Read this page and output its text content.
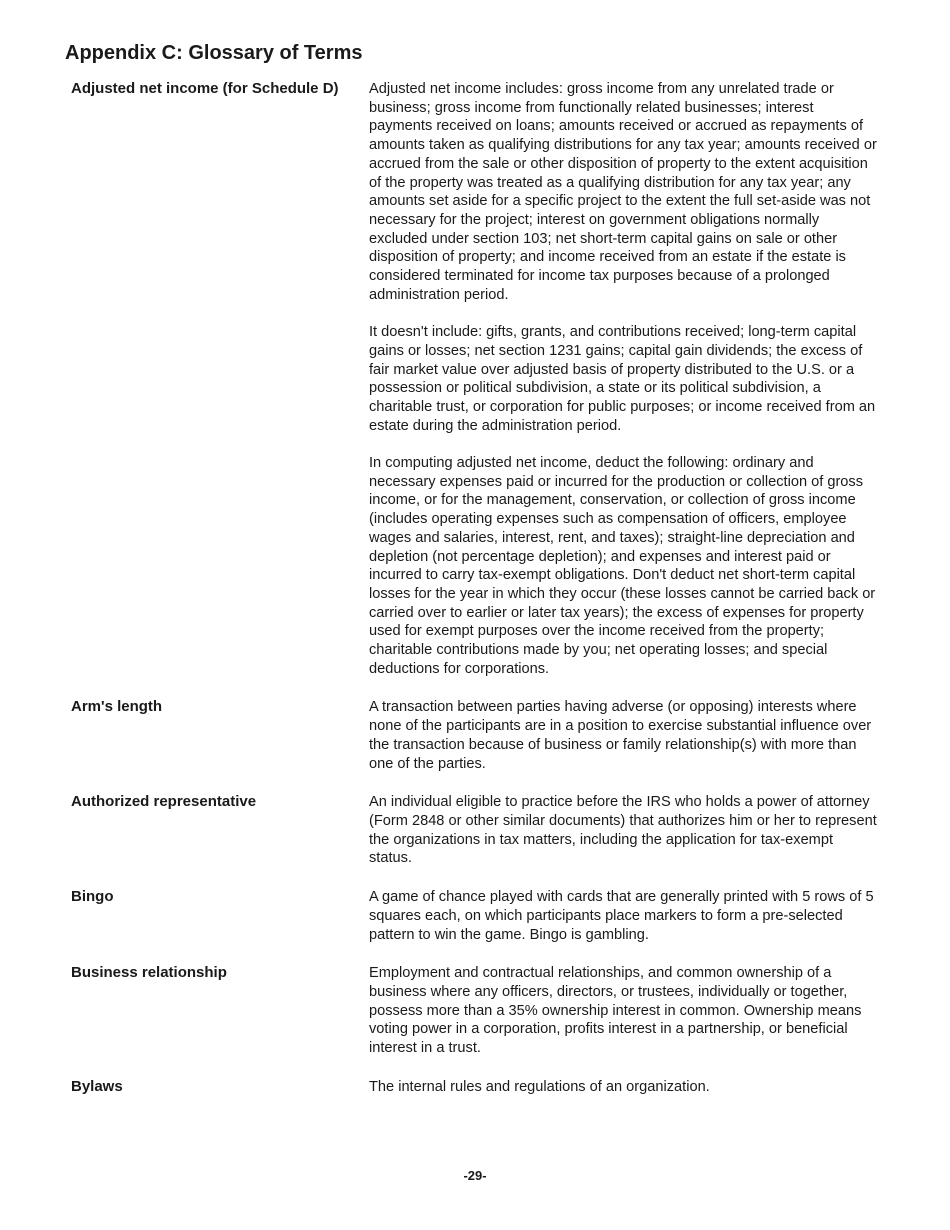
Appendix C: Glossary of Terms
Adjusted net income (for Schedule D)	Adjusted net income includes: gross income from any unrelated trade or business; gross income from functionally related businesses; interest payments received on loans; amounts received or accrued as repayments of amounts taken as qualifying distributions for any tax year; amounts received or accrued from the sale or other disposition of property to the extent acquisition of the property was treated as a qualifying distribution for any tax year; any amounts set aside for a specific project to the extent the full set-aside was not necessary for the project; interest on government obligations normally excluded under section 103; net short-term capital gains on sale or other disposition of property; and income received from an estate if the estate is considered terminated for income tax purposes because of a prolonged administration period.

It doesn't include: gifts, grants, and contributions received; long-term capital gains or losses; net section 1231 gains; capital gain dividends; the excess of fair market value over adjusted basis of property distributed to the U.S. or a possession or political subdivision, a state or its political subdivision, a charitable trust, or corporation for public purposes; or income received from an estate during the administration period.

In computing adjusted net income, deduct the following: ordinary and necessary expenses paid or incurred for the production or collection of gross income, or for the management, conservation, or collection of gross income (includes operating expenses such as compensation of officers, employee wages and salaries, interest, rent, and taxes); straight-line depreciation and depletion (not percentage depletion); and expenses and interest paid or incurred to carry tax-exempt obligations. Don't deduct net short-term capital losses for the year in which they occur (these losses cannot be carried back or carried over to earlier or later tax years); the excess of expenses for property used for exempt purposes over the income received from the property; charitable contributions made by you; net operating losses; and special deductions for corporations.

Arm's length	A transaction between parties having adverse (or opposing) interests where none of the participants are in a position to exercise substantial influence over the transaction because of business or family relationship(s) with more than one of the parties.

Authorized representative	An individual eligible to practice before the IRS who holds a power of attorney (Form 2848 or other similar documents) that authorizes him or her to represent the organizations in tax matters, including the application for tax-exempt status.

Bingo	A game of chance played with cards that are generally printed with 5 rows of 5 squares each, on which participants place markers to form a pre-selected pattern to win the game. Bingo is gambling.

Business relationship	Employment and contractual relationships, and common ownership of a business where any officers, directors, or trustees, individually or together, possess more than a 35% ownership interest in common. Ownership means voting power in a corporation, profits interest in a partnership, or beneficial interest in a trust.

Bylaws	The internal rules and regulations of an organization.

-29-
